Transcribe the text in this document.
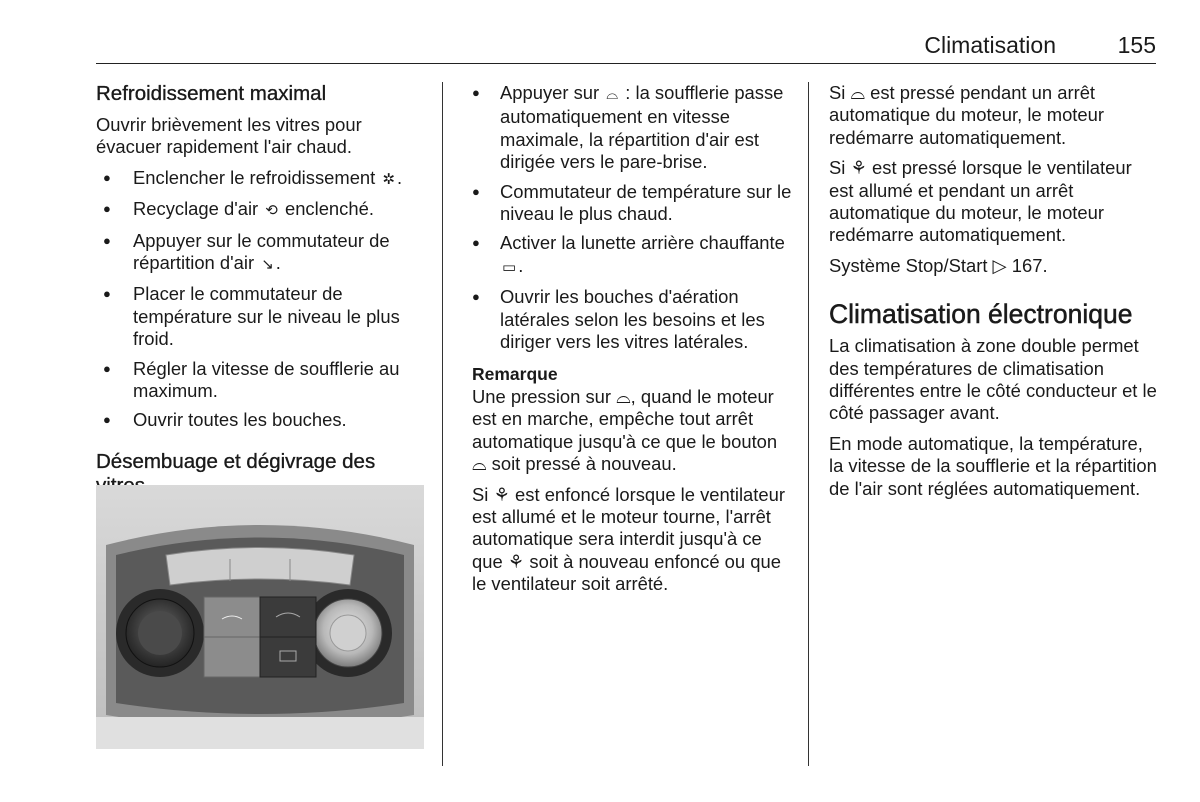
Climatisation	155
Refroidissement maximal

Ouvrir brièvement les vitres pour évacuer rapidement l'air chaud.

● Enclencher le refroidissement ✲ .
● Recyclage d'air ⟲ enclenché.
● Appuyer sur le commutateur de répartition d'air ↘ .
● Placer le commutateur de température sur le niveau le plus froid.
● Régler la vitesse de soufflerie au maximum.
● Ouvrir toutes les bouches.
Désembuage et dégivrage des
● Appuyer sur ⌓ : la soufflerie passe automatiquement en vitesse maximale, la répartition d'air est dirigée vers le pare-brise.
● Commutateur de température sur le niveau le plus chaud.
● Activer la lunette arrière chauffante ▭ .
● Ouvrir les bouches d'aération latérales selon les besoins et les diriger vers les vitres latérales.

Remarque

Une pression sur ⌓, quand le moteur est en marche, empêche tout arrêt automatique jusqu'à ce que le bouton ⌓ soit pressé à nouveau.

Si ⚘ est enfoncé lorsque le ventilateur est allumé et le moteur tourne, l'arrêt automatique sera interdit jusqu'à ce que ⚘ soit à nouveau enfoncé ou que le ventilateur soit arrêté.

Si ⌓ est pressé pendant un arrêt automatique du moteur, le moteur redémarre automatiquement.

Si ⚘ est pressé lorsque le ventilateur est allumé et pendant un arrêt automatique du moteur, le moteur redémarre automatiquement.

Système Stop/Start ▷ 167.

Climatisation électronique

La climatisation à zone double permet des températures de climatisation différentes entre le côté conducteur et le côté passager avant.

En mode automatique, la température, la vitesse de la soufflerie et la répartition de l'air sont réglées automatiquement.
